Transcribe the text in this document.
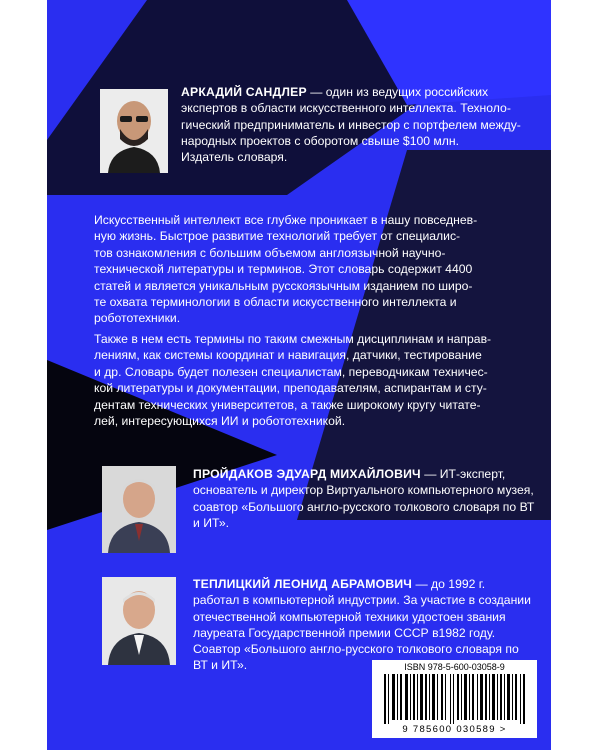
АРКАДИЙ САНДЛЕР — один из ведущих российских
экспертов в области искусственного интеллекта. Техноло-
гический предприниматель и инвестор с портфелем между-
народных проектов с оборотом свыше $100 млн.
Издатель словаря.
Искусственный интеллект все глубже проникает в нашу повседнев-
ную жизнь. Быстрое развитие технологий требует от специалис-
тов ознакомления с большим объемом англоязычной научно-
технической литературы и терминов. Этот словарь содержит 4400
статей и является уникальным русскоязычным изданием по широ-
те охвата терминологии в области искусственного интеллекта и
робототехники.
Также в нем есть термины по таким смежным дисциплинам и направ-
лениям, как системы координат и навигация, датчики, тестирование
и др. Словарь будет полезен специалистам, переводчикам техничес-
кой литературы и документации, преподавателям, аспирантам и сту-
дентам технических университетов, а также широкому кругу читате-
лей, интересующихся ИИ и робототехникой.
ПРОЙДАКОВ ЭДУАРД МИХАЙЛОВИЧ — ИТ-эксперт,
основатель и директор Виртуального компьютерного музея,
соавтор «Большого англо-русского толкового словаря по ВТ
и ИТ».
ТЕПЛИЦКИЙ ЛЕОНИД АБРАМОВИЧ — до 1992 г.
работал в компьютерной индустрии. За участие в создании
отечественной компьютерной техники удостоен звания
лауреата Государственной премии СССР в1982 году.
Соавтор «Большого англо-русского толкового словаря по
ВТ и ИТ».	ISBN 978-5-600-03058-9
9 785600 030589 >
